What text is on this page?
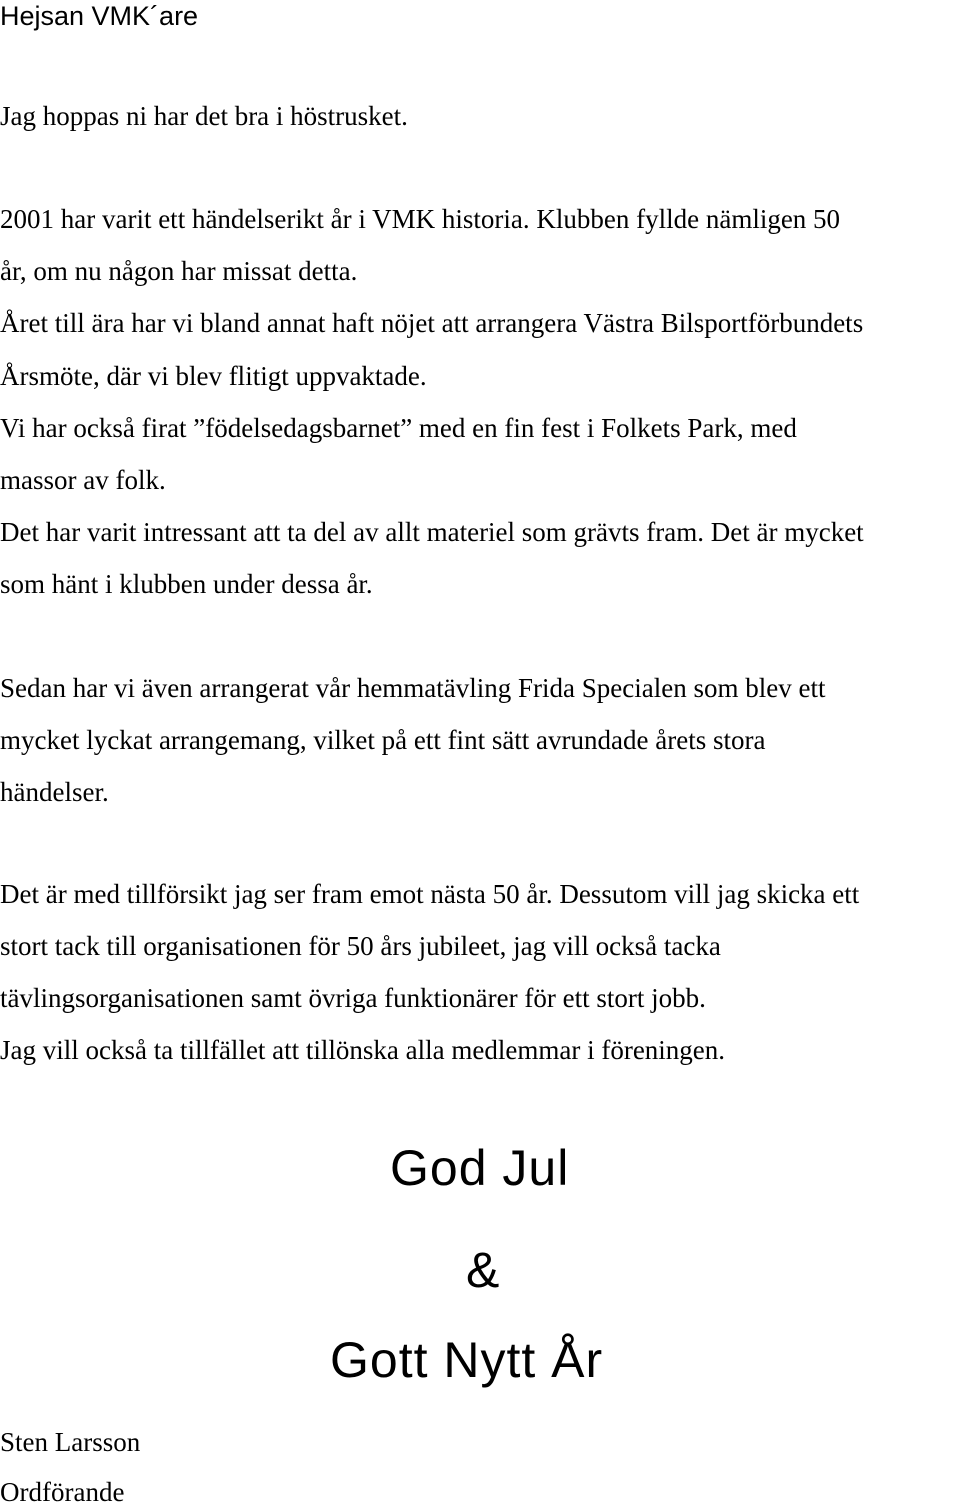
Hejsan VMK´are

Jag hoppas ni har det bra i höstrusket.

2001 har varit ett händelserikt år i VMK historia. Klubben fyllde nämligen 50

år, om nu någon har missat detta.

Året till ära har vi bland annat haft nöjet att arrangera Västra Bilsportförbundets

Årsmöte, där vi blev flitigt uppvaktade.

Vi har också firat ”födelsedagsbarnet” med en fin fest i Folkets Park, med

massor av folk.

Det har varit intressant att ta del av allt materiel som grävts fram. Det är mycket

som hänt i klubben under dessa år.

Sedan har vi även arrangerat vår hemmatävling Frida Specialen som blev ett

mycket lyckat arrangemang, vilket på ett fint sätt avrundade årets stora

händelser.

Det är med tillförsikt jag ser fram emot nästa 50 år. Dessutom vill jag skicka ett

stort tack till organisationen för 50 års jubileet, jag vill också tacka

tävlingsorganisationen samt övriga funktionärer för ett stort jobb.

Jag vill också ta tillfället att tillönska alla medlemmar i föreningen.

God Jul

&

Gott Nytt År

Sten Larsson

Ordförande
